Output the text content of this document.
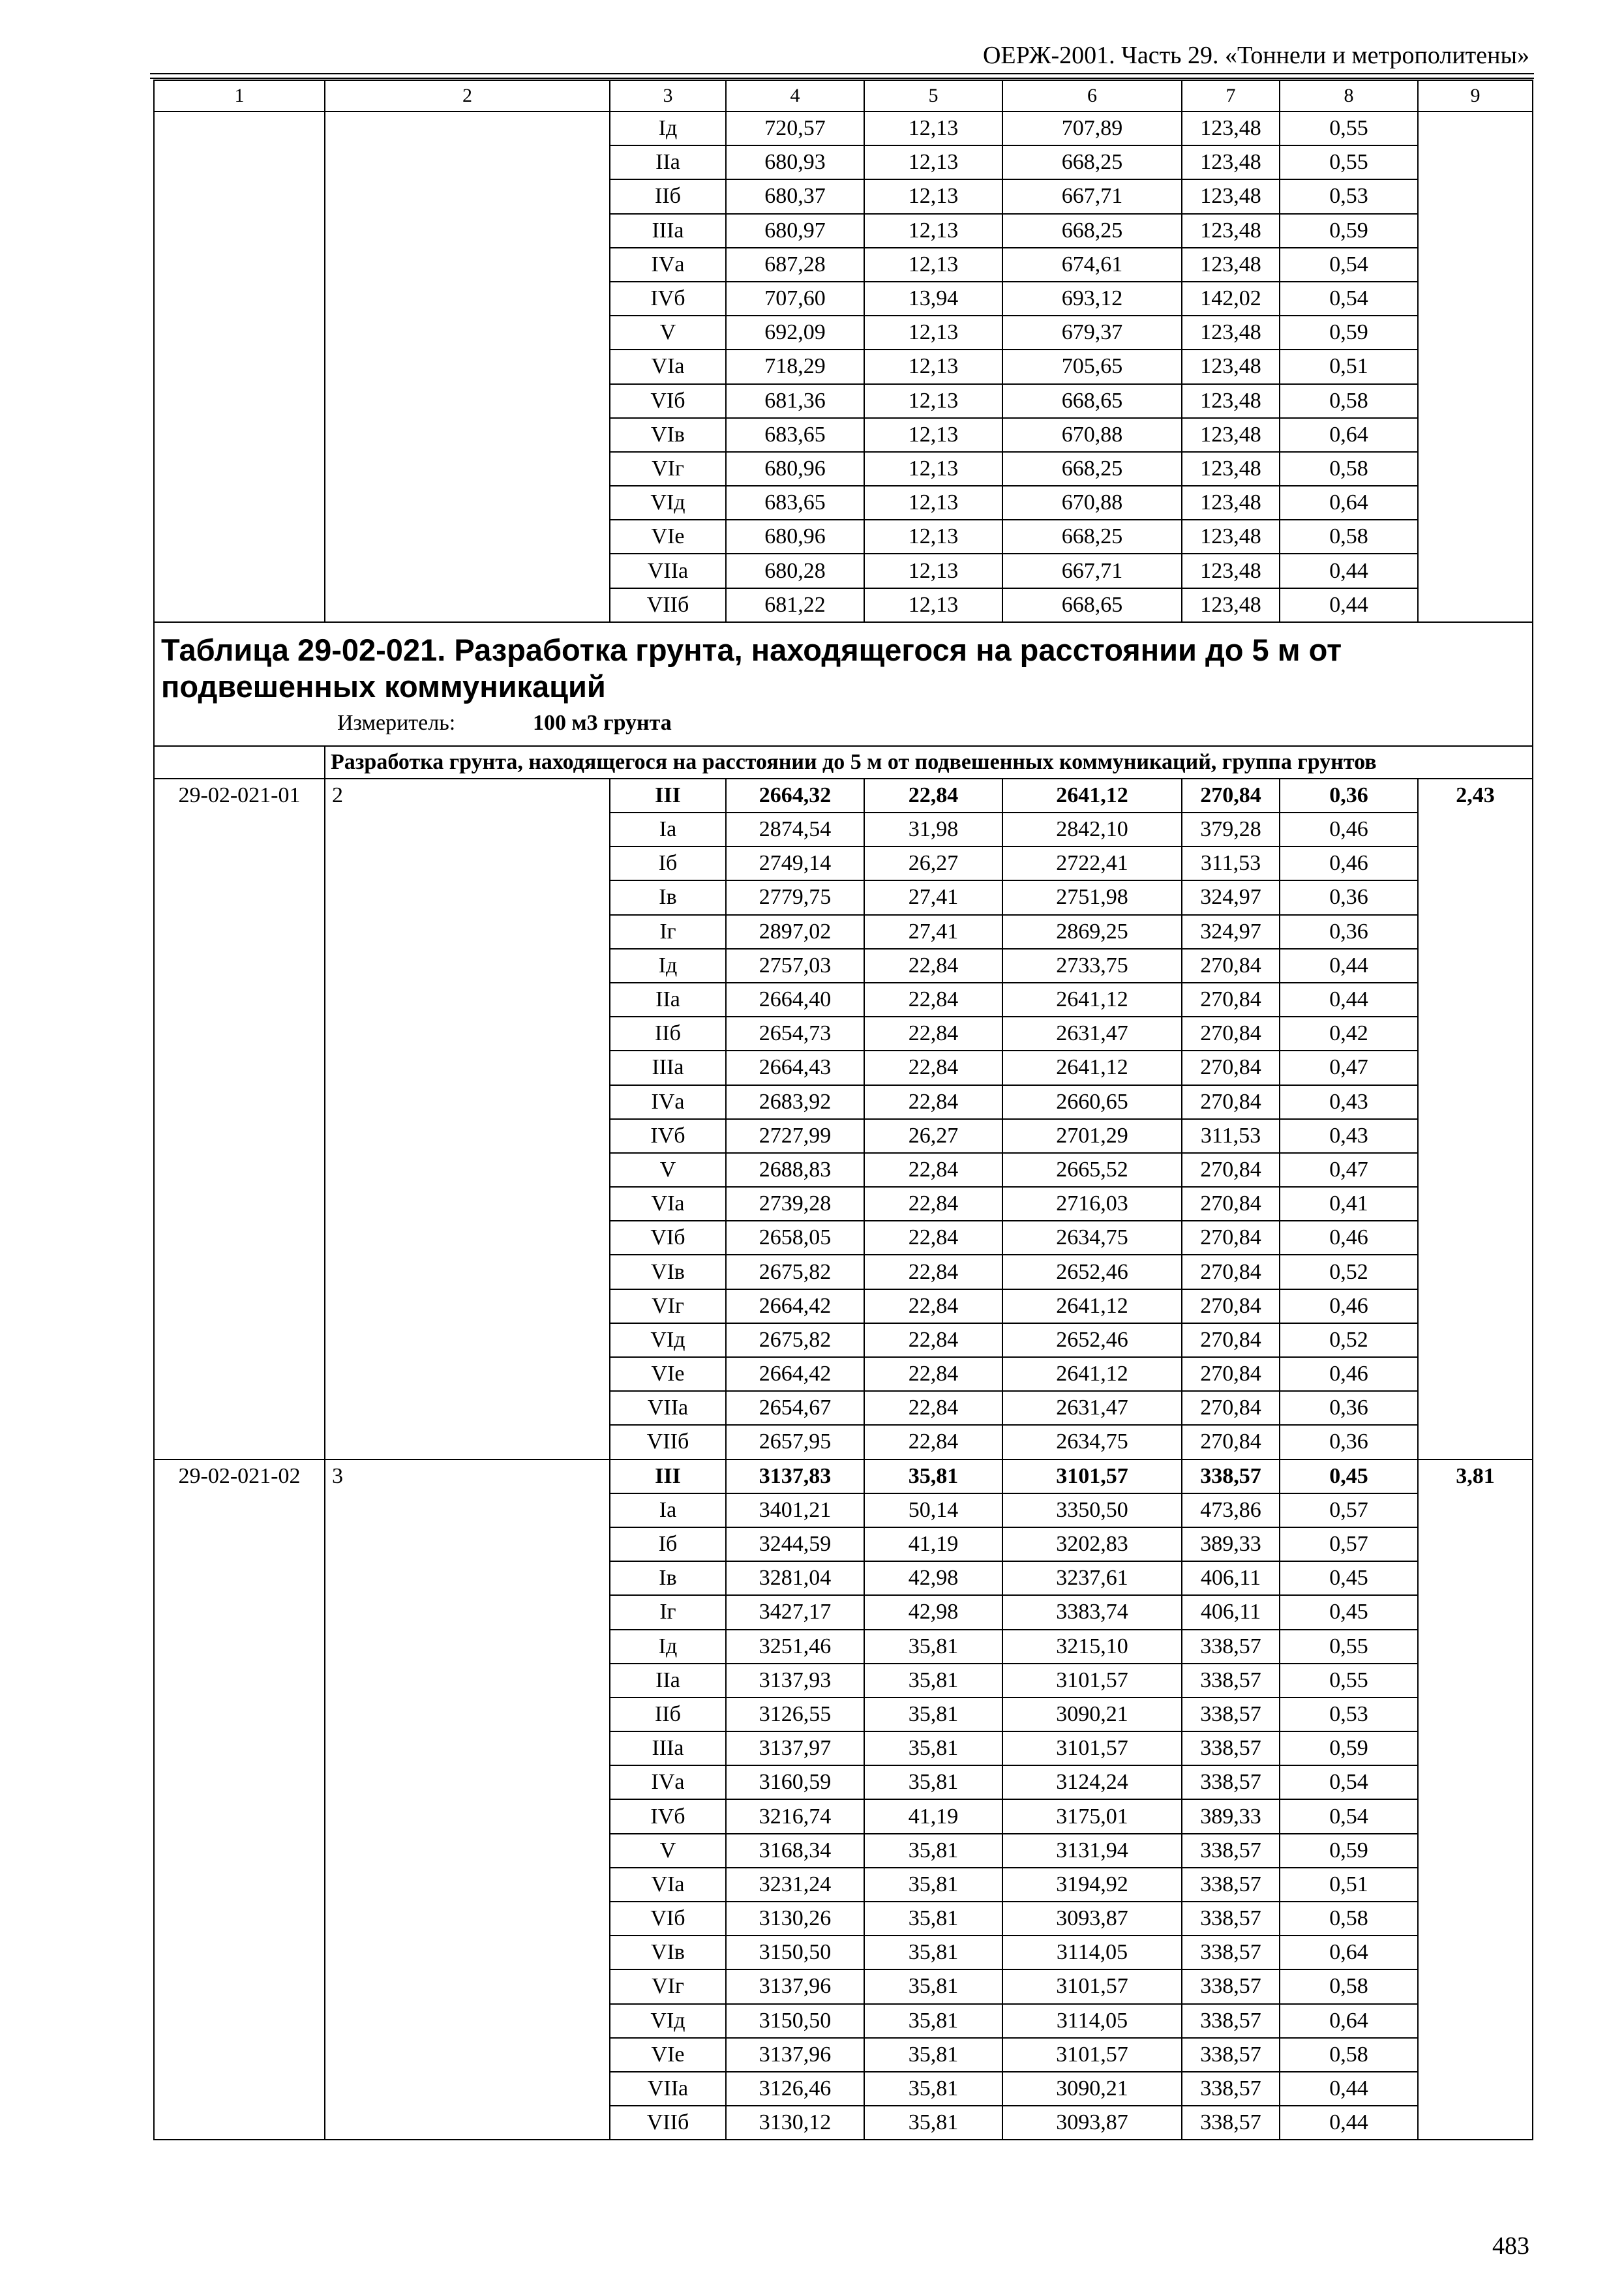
ОЕРЖ-2001. Часть 29. «Тоннели и метрополитены»
1	2	3	4	5	6	7	8	9
		Iд	720,57	12,13	707,89	123,48	0,55	
		IIа	680,93	12,13	668,25	123,48	0,55	
		IIб	680,37	12,13	667,71	123,48	0,53	
		IIIа	680,97	12,13	668,25	123,48	0,59	
		IVа	687,28	12,13	674,61	123,48	0,54	
		IVб	707,60	13,94	693,12	142,02	0,54	
		V	692,09	12,13	679,37	123,48	0,59	
		VIа	718,29	12,13	705,65	123,48	0,51	
		VIб	681,36	12,13	668,65	123,48	0,58	
		VIв	683,65	12,13	670,88	123,48	0,64	
		VIг	680,96	12,13	668,25	123,48	0,58	
		VIд	683,65	12,13	670,88	123,48	0,64	
		VIе	680,96	12,13	668,25	123,48	0,58	
		VIIа	680,28	12,13	667,71	123,48	0,44	
		VIIб	681,22	12,13	668,65	123,48	0,44	

Таблица 29-02-021. Разработка грунта, находящегося на расстоянии до 5 м от подвешенных коммуникаций
Измеритель: 100 м3 грунта								

	Разработка грунта, находящегося на расстоянии до 5 м от подвешенных коммуникаций, группа грунтов							
29-02-021-01	2	III	2664,32	22,84	2641,12	270,84	0,36	2,43
		Iа	2874,54	31,98	2842,10	379,28	0,46	
		Iб	2749,14	26,27	2722,41	311,53	0,46	
		Iв	2779,75	27,41	2751,98	324,97	0,36	
		Iг	2897,02	27,41	2869,25	324,97	0,36	
		Iд	2757,03	22,84	2733,75	270,84	0,44	
		IIа	2664,40	22,84	2641,12	270,84	0,44	
		IIб	2654,73	22,84	2631,47	270,84	0,42	
		IIIа	2664,43	22,84	2641,12	270,84	0,47	
		IVа	2683,92	22,84	2660,65	270,84	0,43	
		IVб	2727,99	26,27	2701,29	311,53	0,43	
		V	2688,83	22,84	2665,52	270,84	0,47	
		VIа	2739,28	22,84	2716,03	270,84	0,41	
		VIб	2658,05	22,84	2634,75	270,84	0,46	
		VIв	2675,82	22,84	2652,46	270,84	0,52	
		VIг	2664,42	22,84	2641,12	270,84	0,46	
		VIд	2675,82	22,84	2652,46	270,84	0,52	
		VIе	2664,42	22,84	2641,12	270,84	0,46	
		VIIа	2654,67	22,84	2631,47	270,84	0,36	
		VIIб	2657,95	22,84	2634,75	270,84	0,36	
29-02-021-02	3	III	3137,83	35,81	3101,57	338,57	0,45	3,81
		Iа	3401,21	50,14	3350,50	473,86	0,57	
		Iб	3244,59	41,19	3202,83	389,33	0,57	
		Iв	3281,04	42,98	3237,61	406,11	0,45	
		Iг	3427,17	42,98	3383,74	406,11	0,45	
		Iд	3251,46	35,81	3215,10	338,57	0,55	
		IIа	3137,93	35,81	3101,57	338,57	0,55	
		IIб	3126,55	35,81	3090,21	338,57	0,53	
		IIIа	3137,97	35,81	3101,57	338,57	0,59	
		IVа	3160,59	35,81	3124,24	338,57	0,54	
		IVб	3216,74	41,19	3175,01	389,33	0,54	
		V	3168,34	35,81	3131,94	338,57	0,59	
		VIа	3231,24	35,81	3194,92	338,57	0,51	
		VIб	3130,26	35,81	3093,87	338,57	0,58	
		VIв	3150,50	35,81	3114,05	338,57	0,64	
		VIг	3137,96	35,81	3101,57	338,57	0,58	
		VIд	3150,50	35,81	3114,05	338,57	0,64	
		VIе	3137,96	35,81	3101,57	338,57	0,58	
		VIIа	3126,46	35,81	3090,21	338,57	0,44	
		VIIб	3130,12	35,81	3093,87	338,57	0,44	
483
